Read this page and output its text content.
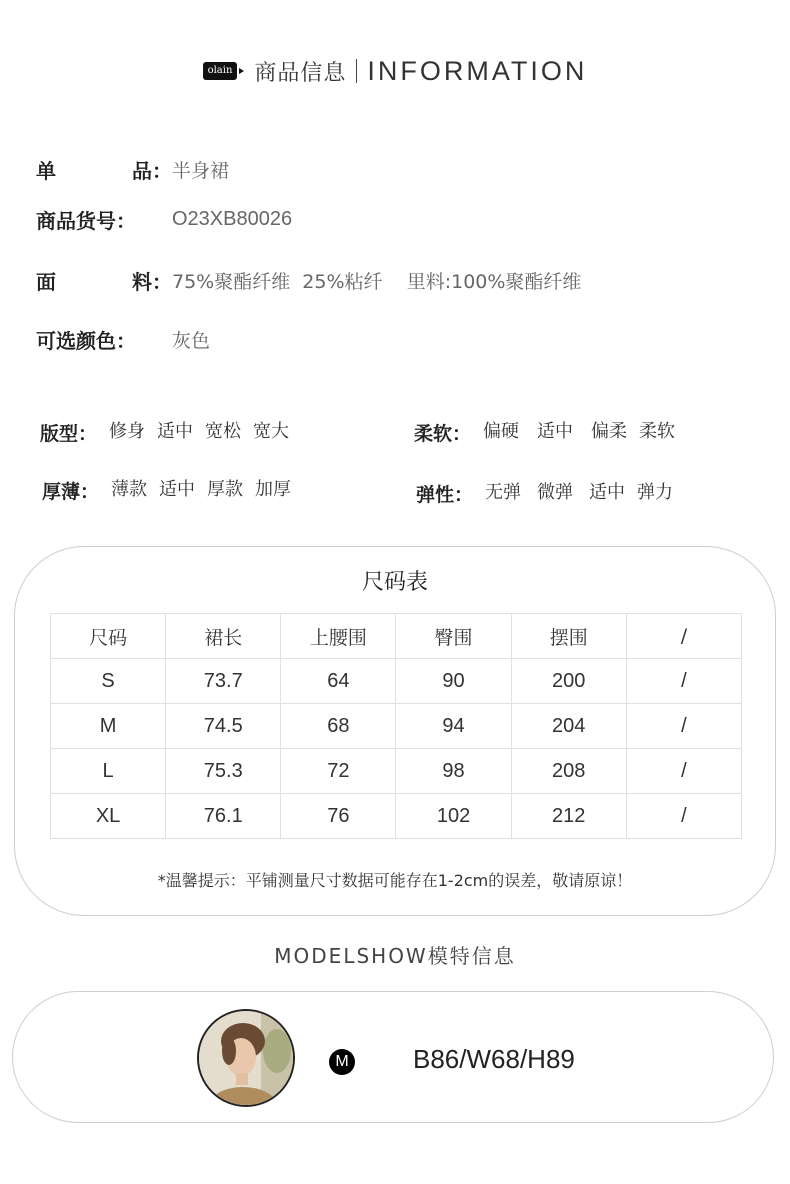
olain 商品信息 INFORMATION
单	品： 半身裙
商品货号：	O23XB80026
面	料： 75%聚酯纤维  25%粘纤    里料:100%聚酯纤维
可选颜色：	灰色
版型： 修身 适中 宽松 宽大	柔软： 偏硬 适中 偏柔 柔软
厚薄： 薄款 适中 厚款 加厚	弹性： 无弹 微弹 适中 弹力
尺码表
尺码	裙长	上腰围	臀围	摆围	/
S	73.7	64	90	200	/
M	74.5	68	94	204	/
L	75.3	72	98	208	/
XL	76.1	76	102	212	/
*温馨提示：平铺测量尺寸数据可能存在1-2cm的误差，敬请原谅！
MODELSHOW模特信息
M B86/W68/H89
